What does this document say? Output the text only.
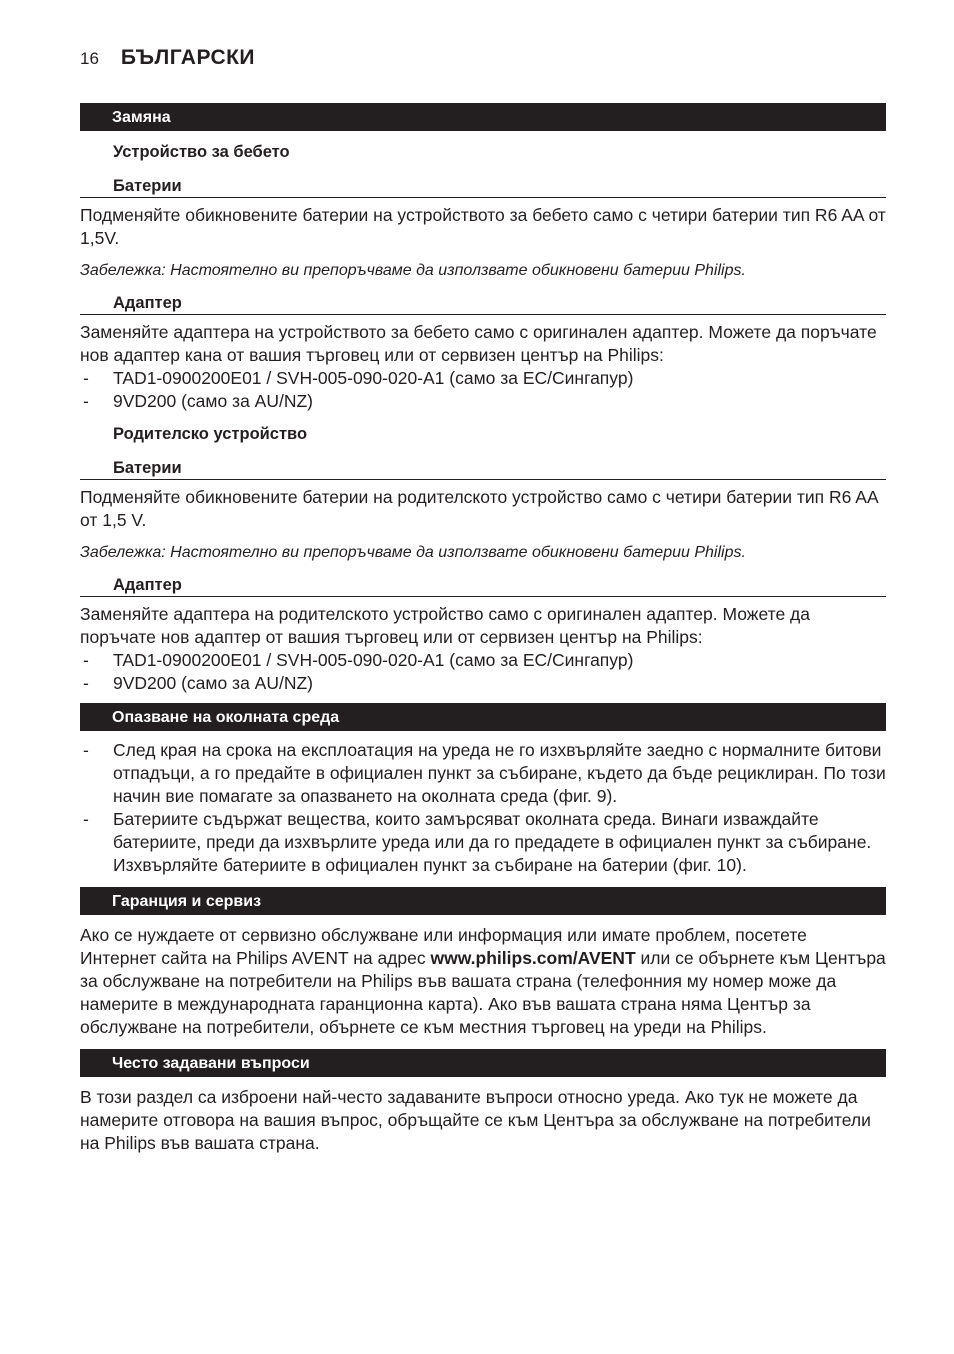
16 БЪЛГАРСКИ
Замяна
Устройство за бебето
Батерии
Подменяйте обикновените батерии на устройството за бебето само с четири батерии тип R6 AA от 1,5V.
Забележка: Настоятелно ви препоръчваме да използвате обикновени батерии Philips.
Адаптер
Заменяйте адаптера на устройството за бебето само с оригинален адаптер. Можете да поръчате нов адаптер кана от вашия търговец или от сервизен център на Philips:
- TAD1-0900200E01 / SVH-005-090-020-A1 (само за ЕС/Сингапур)
- 9VD200 (само за AU/NZ)
Родителско устройство
Батерии
Подменяйте обикновените батерии на родителското устройство само с четири батерии тип R6 AA от 1,5 V.
Забележка: Настоятелно ви препоръчваме да използвате обикновени батерии Philips.
Адаптер
Заменяйте адаптера на родителското устройство само с оригинален адаптер. Можете да поръчате нов адаптер от вашия търговец или от сервизен център на Philips:
- TAD1-0900200E01 / SVH-005-090-020-A1 (само за ЕС/Сингапур)
- 9VD200 (само за AU/NZ)
Опазване на околната среда
- След края на срока на експлоатация на уреда не го изхвърляйте заедно с нормалните битови отпадъци, а го предайте в официален пункт за събиране, където да бъде рециклиран. По този начин вие помагате за опазването на околната среда (фиг. 9).
- Батериите съдържат вещества, които замърсяват околната среда. Винаги изваждайте батериите, преди да изхвърлите уреда или да го предадете в официален пункт за събиране. Изхвърляйте батериите в официален пункт за събиране на батерии (фиг. 10).
Гаранция и сервиз
Ако се нуждаете от сервизно обслужване или информация или имате проблем, посетете Интернет сайта на Philips AVENT на адрес www.philips.com/AVENT или се обърнете към Центъра за обслужване на потребители на Philips във вашата страна (телефонния му номер може да намерите в международната гаранционна карта). Ако във вашата страна няма Център за обслужване на потребители, обърнете се към местния търговец на уреди на Philips.
Често задавани въпроси
В този раздел са изброени най-често задаваните въпроси относно уреда. Ако тук не можете да намерите отговора на вашия въпрос, обръщайте се към Центъра за обслужване на потребители на Philips във вашата страна.
